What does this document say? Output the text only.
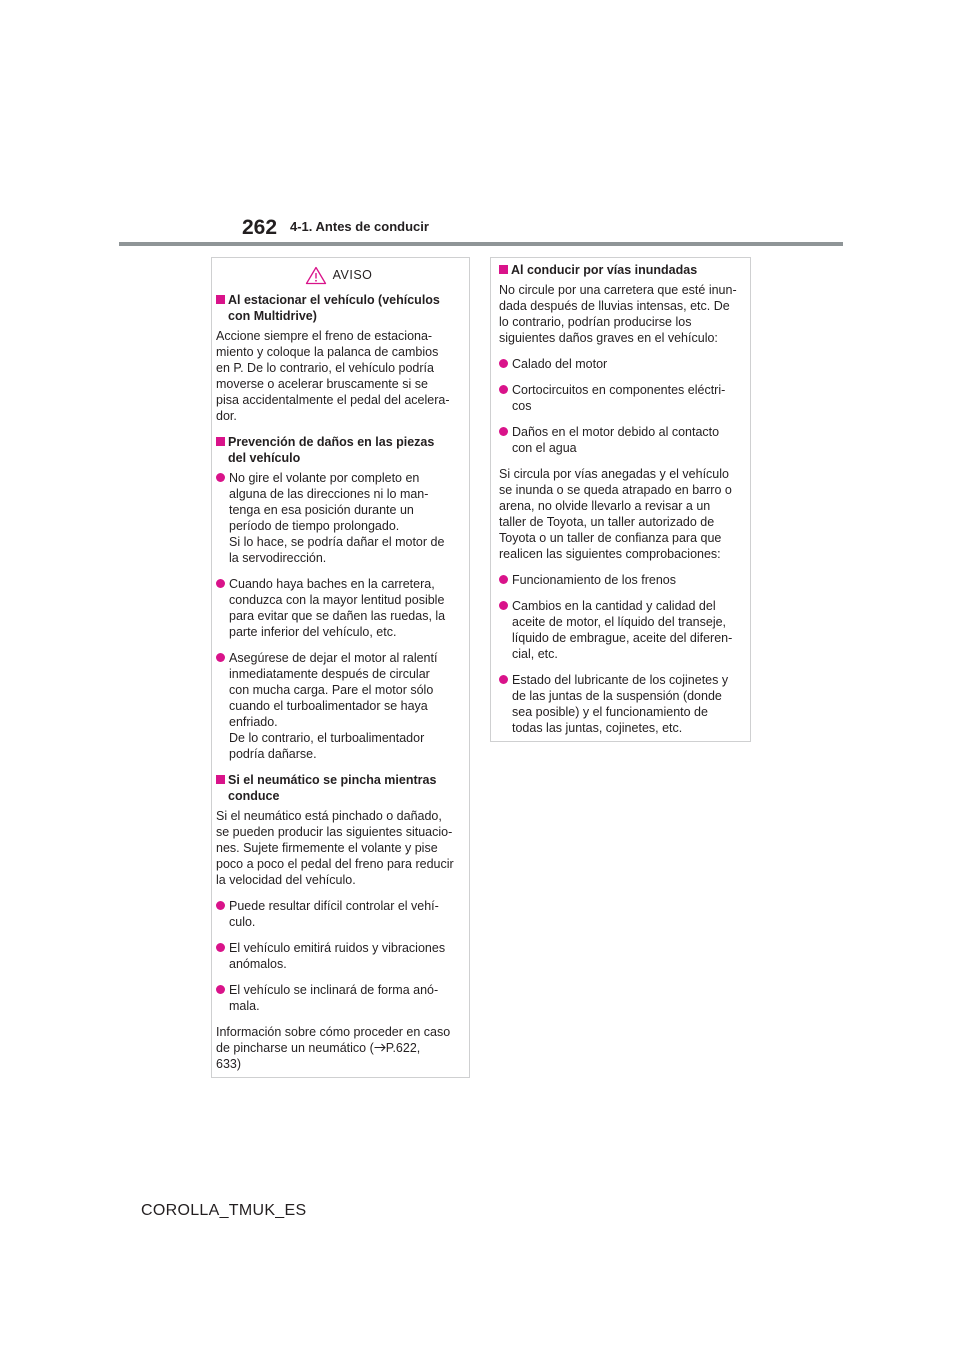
262 4-1. Antes de conducir
AVISO
Al estacionar el vehículo (vehículos
con Multidrive)
Accione siempre el freno de estaciona-
miento y coloque la palanca de cambios
en P. De lo contrario, el vehículo podría
moverse o acelerar bruscamente si se
pisa accidentalmente el pedal del acelera-
dor.
Prevención de daños en las piezas
del vehículo
No gire el volante por completo en
alguna de las direcciones ni lo man-
tenga en esa posición durante un
período de tiempo prolongado.
Si lo hace, se podría dañar el motor de
la servodirección.
Cuando haya baches en la carretera,
conduzca con la mayor lentitud posible
para evitar que se dañen las ruedas, la
parte inferior del vehículo, etc.
Asegúrese de dejar el motor al ralentí
inmediatamente después de circular
con mucha carga. Pare el motor sólo
cuando el turboalimentador se haya
enfriado.
De lo contrario, el turboalimentador
podría dañarse.
Si el neumático se pincha mientras
conduce
Si el neumático está pinchado o dañado,
se pueden producir las siguientes situacio-
nes. Sujete firmemente el volante y pise
poco a poco el pedal del freno para reducir
la velocidad del vehículo.
Puede resultar difícil controlar el vehí-
culo.
El vehículo emitirá ruidos y vibraciones
anómalos.
El vehículo se inclinará de forma anó-
mala.
Información sobre cómo proceder en caso
de pincharse un neumático ( P.622,
633)
Al conducir por vías inundadas
No circule por una carretera que esté inun-
dada después de lluvias intensas, etc. De
lo contrario, podrían producirse los
siguientes daños graves en el vehículo:
Calado del motor
Cortocircuitos en componentes eléctri-
cos
Daños en el motor debido al contacto
con el agua
Si circula por vías anegadas y el vehículo
se inunda o se queda atrapado en barro o
arena, no olvide llevarlo a revisar a un
taller de Toyota, un taller autorizado de
Toyota o un taller de confianza para que
realicen las siguientes comprobaciones:
Funcionamiento de los frenos
Cambios en la cantidad y calidad del
aceite de motor, el líquido del transeje,
líquido de embrague, aceite del diferen-
cial, etc.
Estado del lubricante de los cojinetes y
de las juntas de la suspensión (donde
sea posible) y el funcionamiento de
todas las juntas, cojinetes, etc.
COROLLA_TMUK_ES
